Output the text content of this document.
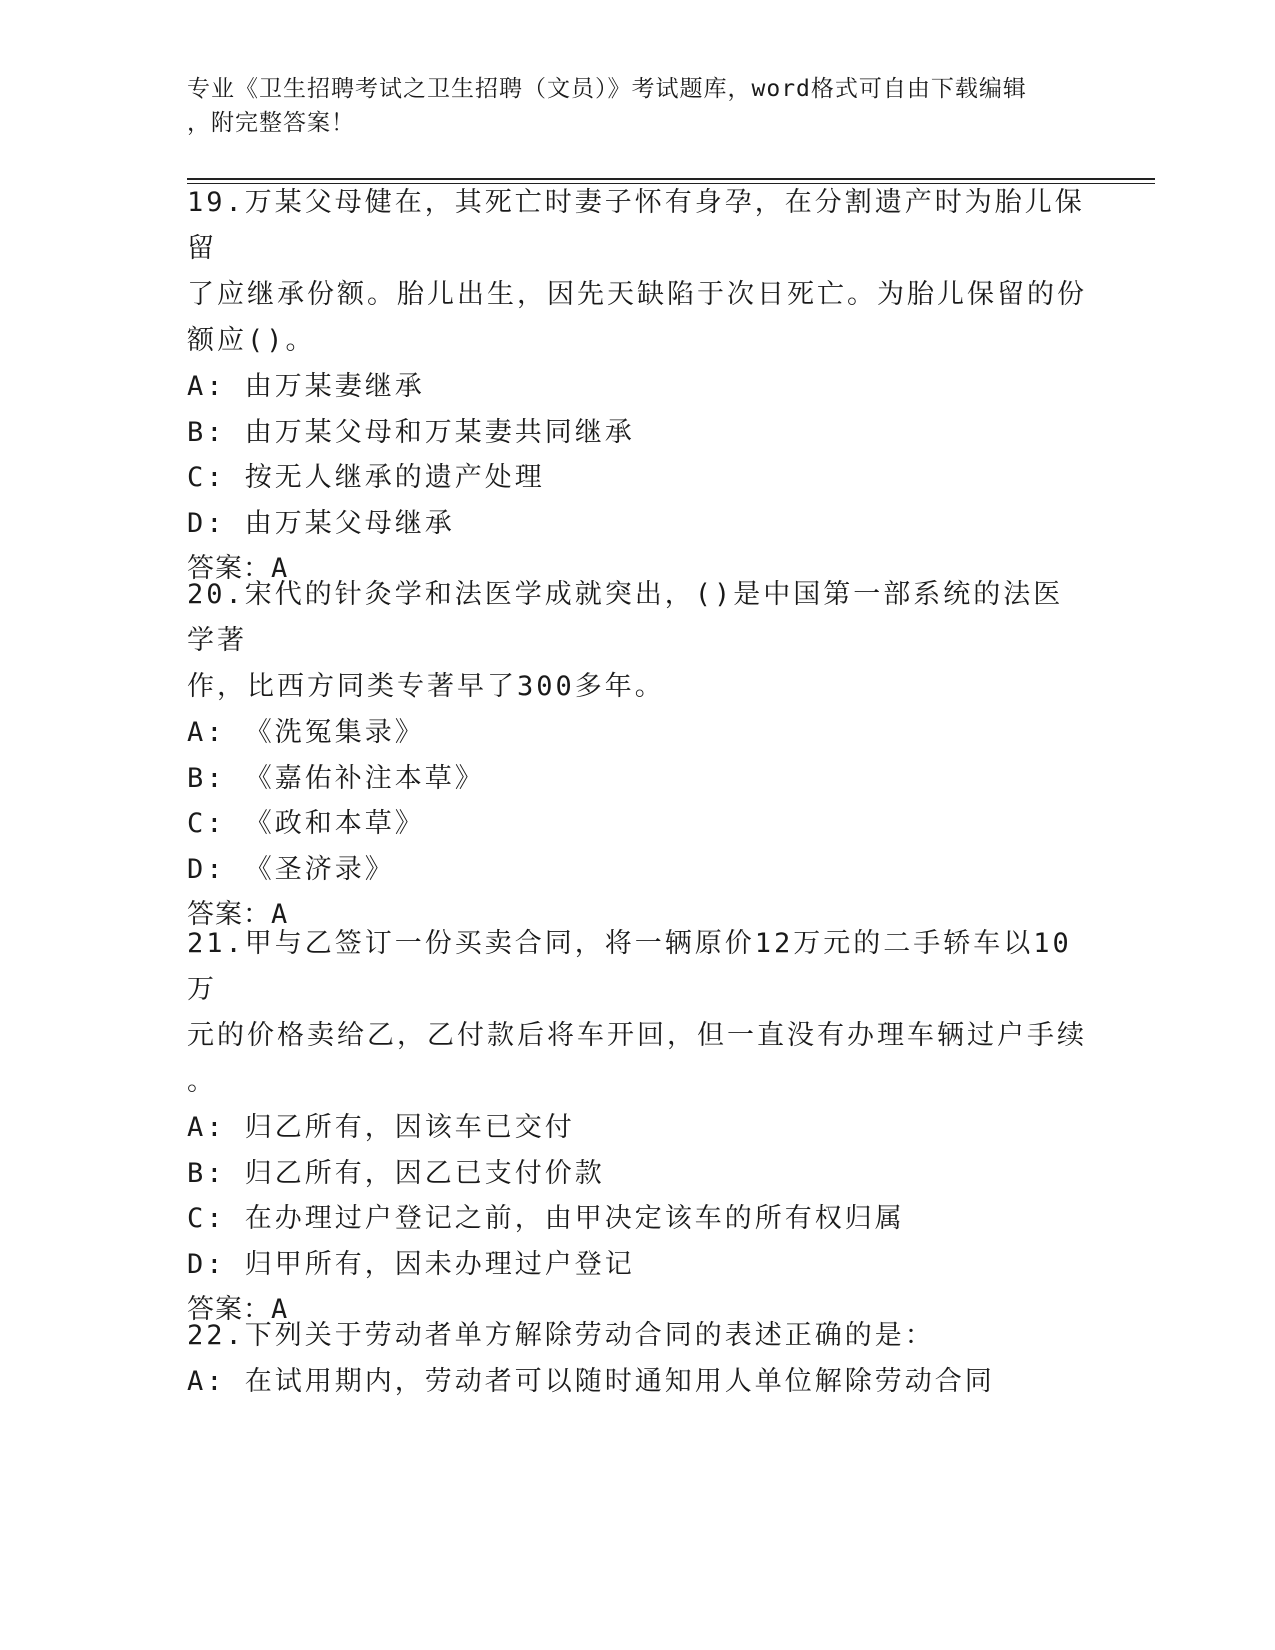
专业《卫生招聘考试之卫生招聘（文员）》考试题库，word格式可自由下载编辑
，附完整答案！

19.万某父母健在，其死亡时妻子怀有身孕，在分割遗产时为胎儿保留

了应继承份额。胎儿出生，因先天缺陷于次日死亡。为胎儿保留的份

额应()。

A: 由万某妻继承

B: 由万某父母和万某妻共同继承

C: 按无人继承的遗产处理

D: 由万某父母继承

答案：A

20.宋代的针灸学和法医学成就突出，()是中国第一部系统的法医学著

作，比西方同类专著早了300多年。

A: 《洗冤集录》

B: 《嘉佑补注本草》

C: 《政和本草》

D: 《圣济录》

答案：A

21.甲与乙签订一份买卖合同，将一辆原价12万元的二手轿车以10万

元的价格卖给乙，乙付款后将车开回，但一直没有办理车辆过户手续

。

A: 归乙所有，因该车已交付

B: 归乙所有，因乙已支付价款

C: 在办理过户登记之前，由甲决定该车的所有权归属

D: 归甲所有，因未办理过户登记

答案：A

22.下列关于劳动者单方解除劳动合同的表述正确的是：

A: 在试用期内，劳动者可以随时通知用人单位解除劳动合同
